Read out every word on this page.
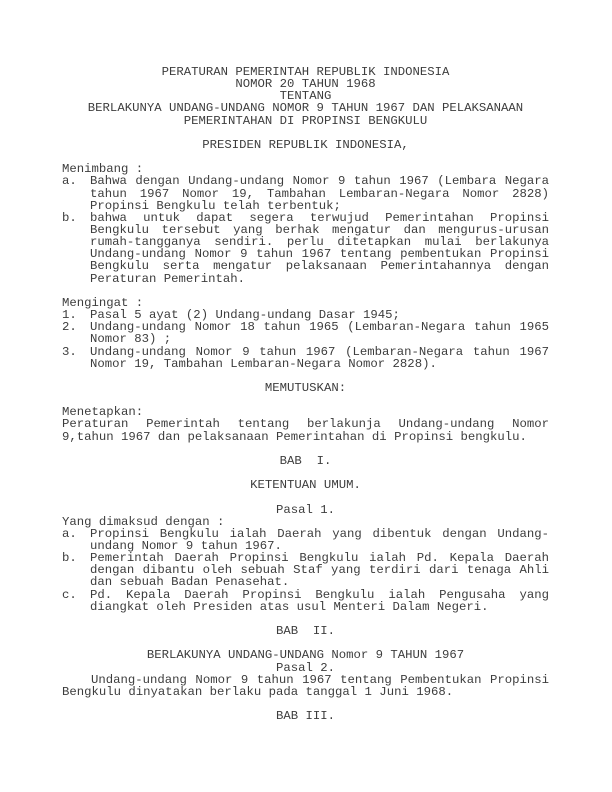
PERATURAN PEMERINTAH REPUBLIK INDONESIA
NOMOR 20 TAHUN 1968
TENTANG
BERLAKUNYA UNDANG-UNDANG NOMOR 9 TAHUN 1967 DAN PELAKSANAAN
PEMERINTAHAN DI PROPINSI BENGKULU
PRESIDEN REPUBLIK INDONESIA,
Menimbang :
a.	Bahwa dengan Undang-undang Nomor 9 tahun 1967 (Lembara Negara
tahun 1967 Nomor 19, Tambahan Lembaran-Negara Nomor 2828)
Propinsi Bengkulu telah terbentuk;
b.	bahwa untuk dapat segera terwujud Pemerintahan Propinsi
Bengkulu tersebut yang berhak mengatur dan mengurus-urusan
rumah-tangganya sendiri. perlu ditetapkan mulai berlakunya
Undang-undang Nomor 9 tahun 1967 tentang pembentukan Propinsi
Bengkulu serta mengatur pelaksanaan Pemerintahannya dengan
Peraturan Pemerintah.
Mengingat :
1.	Pasal 5 ayat (2) Undang-undang Dasar 1945;
2.	Undang-undang Nomor 18 tahun 1965 (Lembaran-Negara tahun 1965
Nomor 83) ;
3.	Undang-undang Nomor 9 tahun 1967 (Lembaran-Negara tahun 1967
Nomor 19, Tambahan Lembaran-Negara Nomor 2828).
MEMUTUSKAN:
Menetapkan:
Peraturan Pemerintah tentang berlakunja Undang-undang Nomor
9,tahun 1967 dan pelaksanaan Pemerintahan di Propinsi bengkulu.
BAB  I.
KETENTUAN UMUM.
Pasal 1.
Yang dimaksud dengan :
a.	Propinsi Bengkulu ialah Daerah yang dibentuk dengan Undang-
undang Nomor 9 tahun 1967.
b.	Pemerintah Daerah Propinsi Bengkulu ialah Pd. Kepala Daerah
dengan dibantu oleh sebuah Staf yang terdiri dari tenaga Ahli
dan sebuah Badan Penasehat.
c.	Pd. Kepala Daerah Propinsi Bengkulu ialah Pengusaha yang
diangkat oleh Presiden atas usul Menteri Dalam Negeri.
BAB  II.
BERLAKUNYA UNDANG-UNDANG Nomor 9 TAHUN 1967
Pasal 2.
Undang-undang Nomor 9 tahun 1967 tentang Pembentukan Propinsi
Bengkulu dinyatakan berlaku pada tanggal 1 Juni 1968.
BAB III.
